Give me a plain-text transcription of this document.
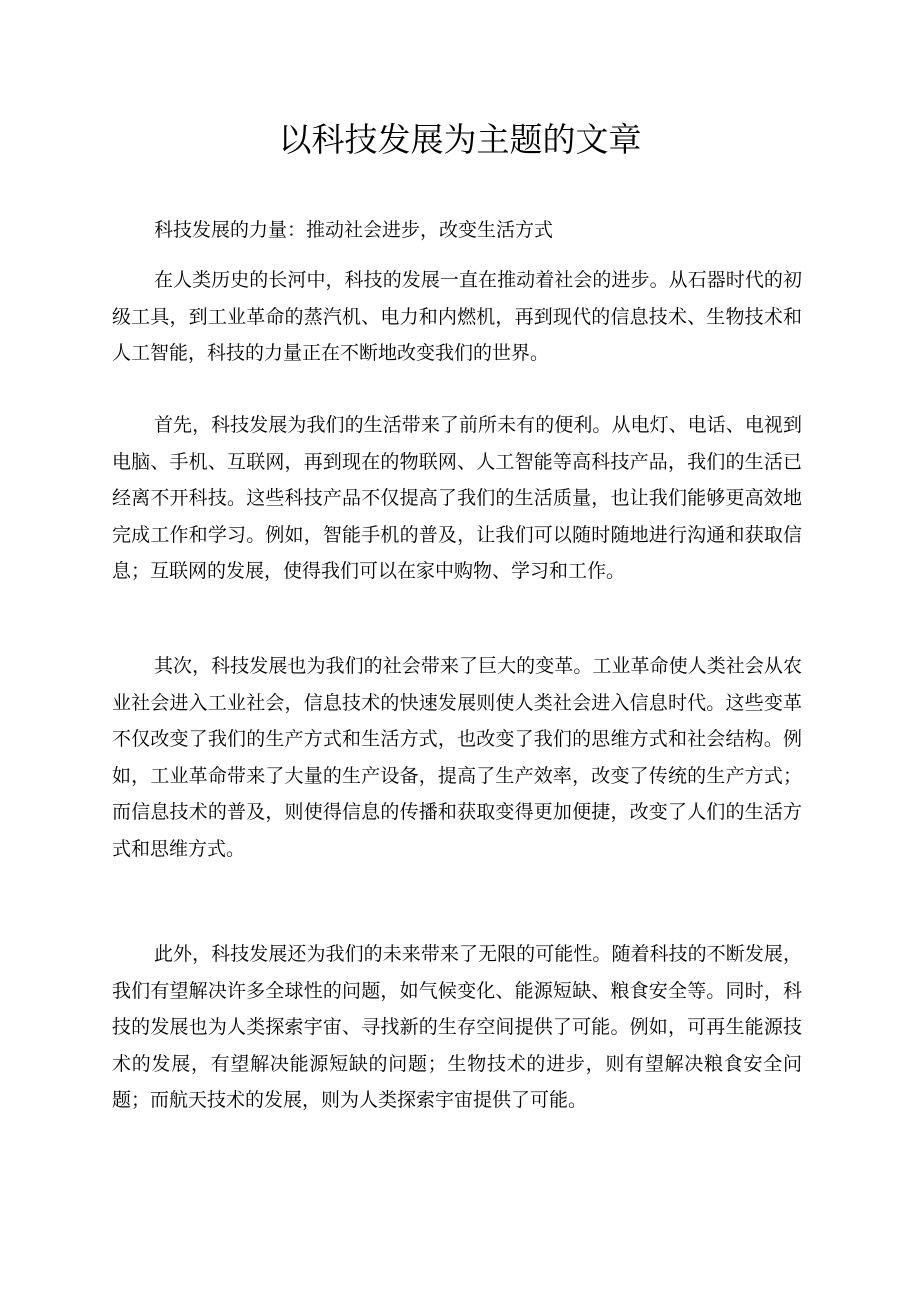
以科技发展为主题的文章

科技发展的力量：推动社会进步，改变生活方式

在人类历史的长河中，科技的发展一直在推动着社会的进步。从石器时代的初级工具，到工业革命的蒸汽机、电力和内燃机，再到现代的信息技术、生物技术和人工智能，科技的力量正在不断地改变我们的世界。

首先，科技发展为我们的生活带来了前所未有的便利。从电灯、电话、电视到电脑、手机、互联网，再到现在的物联网、人工智能等高科技产品，我们的生活已经离不开科技。这些科技产品不仅提高了我们的生活质量，也让我们能够更高效地完成工作和学习。例如，智能手机的普及，让我们可以随时随地进行沟通和获取信息；互联网的发展，使得我们可以在家中购物、学习和工作。

其次，科技发展也为我们的社会带来了巨大的变革。工业革命使人类社会从农业社会进入工业社会，信息技术的快速发展则使人类社会进入信息时代。这些变革不仅改变了我们的生产方式和生活方式，也改变了我们的思维方式和社会结构。例如，工业革命带来了大量的生产设备，提高了生产效率，改变了传统的生产方式；而信息技术的普及，则使得信息的传播和获取变得更加便捷，改变了人们的生活方式和思维方式。

此外，科技发展还为我们的未来带来了无限的可能性。随着科技的不断发展，我们有望解决许多全球性的问题，如气候变化、能源短缺、粮食安全等。同时，科技的发展也为人类探索宇宙、寻找新的生存空间提供了可能。例如，可再生能源技术的发展，有望解决能源短缺的问题；生物技术的进步，则有望解决粮食安全问题；而航天技术的发展，则为人类探索宇宙提供了可能。
